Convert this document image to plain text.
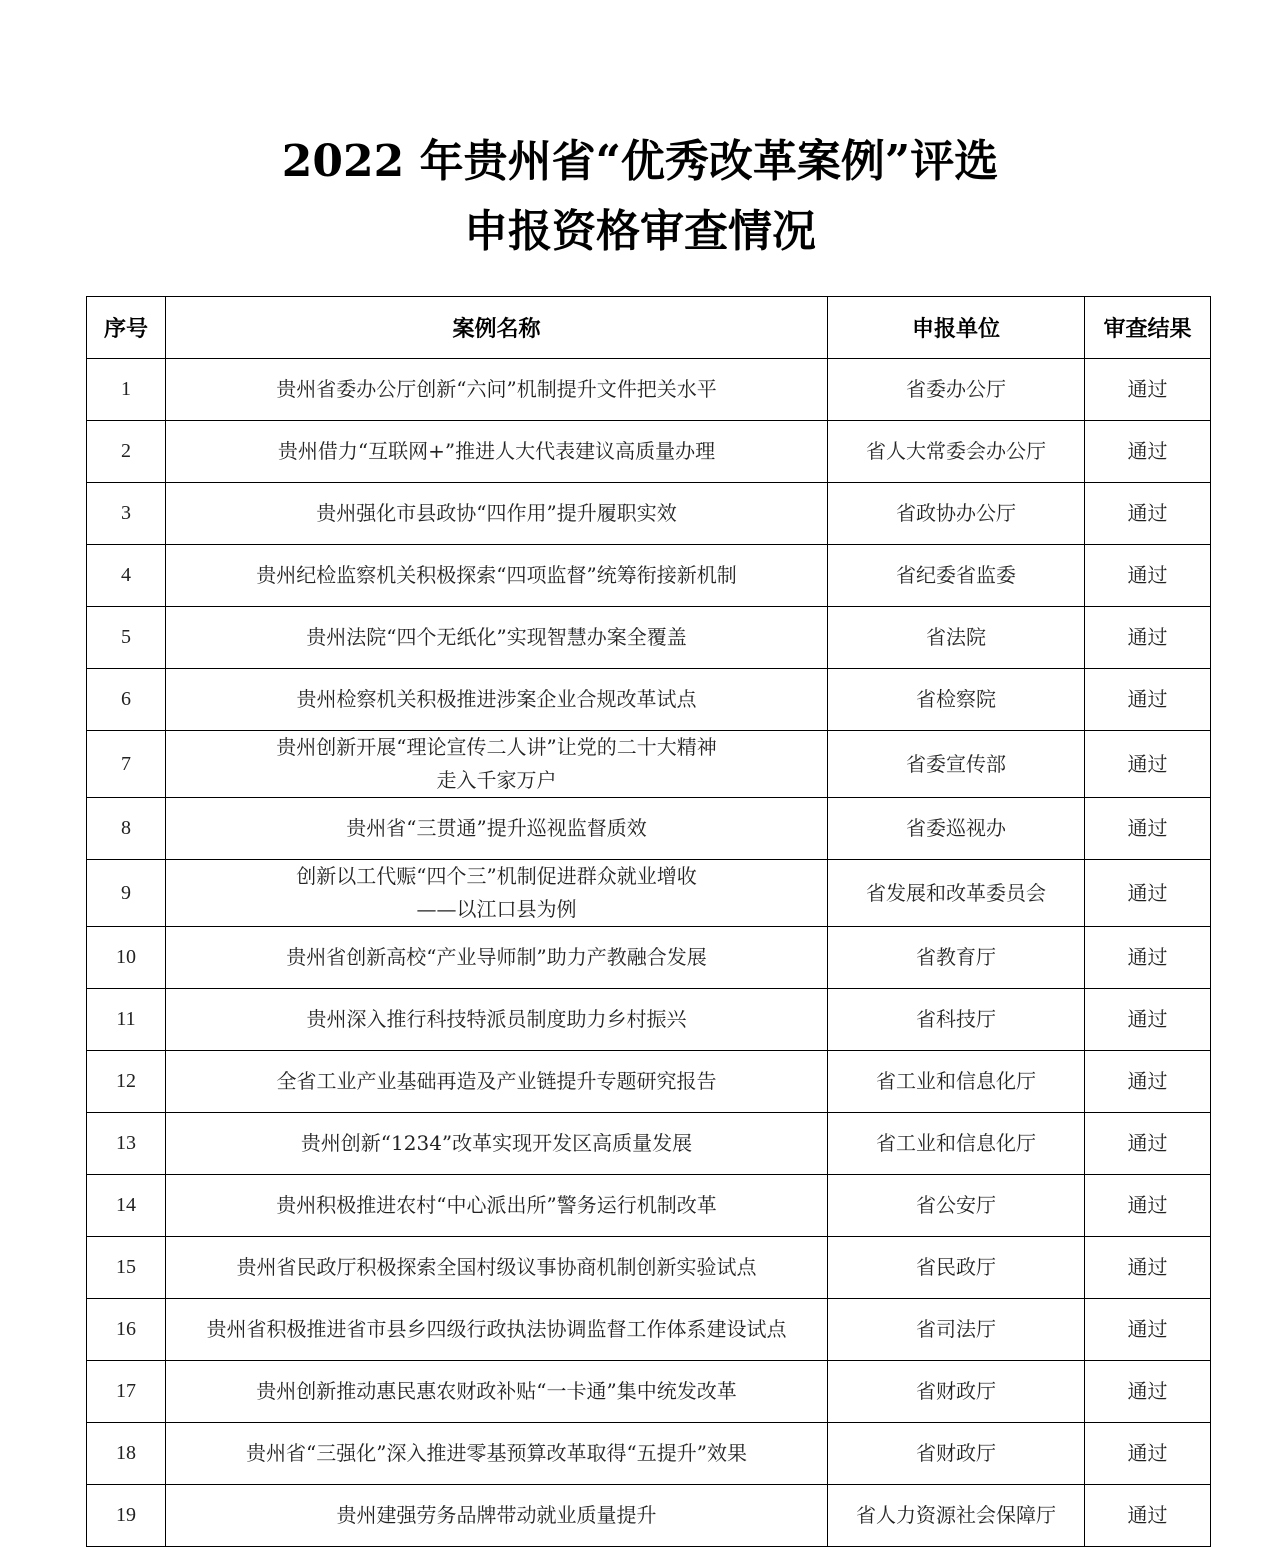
2022 年贵州省“优秀改革案例”评选
申报资格审查情况
序号	案例名称	申报单位	审查结果
1	贵州省委办公厅创新“六问”机制提升文件把关水平	省委办公厅	通过
2	贵州借力“互联网+”推进人大代表建议高质量办理	省人大常委会办公厅	通过
3	贵州强化市县政协“四作用”提升履职实效	省政协办公厅	通过
4	贵州纪检监察机关积极探索“四项监督”统筹衔接新机制	省纪委省监委	通过
5	贵州法院“四个无纸化”实现智慧办案全覆盖	省法院	通过
6	贵州检察机关积极推进涉案企业合规改革试点	省检察院	通过
7	贵州创新开展“理论宣传二人讲”让党的二十大精神
走入千家万户	省委宣传部	通过
8	贵州省“三贯通”提升巡视监督质效	省委巡视办	通过
9	创新以工代赈“四个三”机制促进群众就业增收
——以江口县为例	省发展和改革委员会	通过
10	贵州省创新高校“产业导师制”助力产教融合发展	省教育厅	通过
11	贵州深入推行科技特派员制度助力乡村振兴	省科技厅	通过
12	全省工业产业基础再造及产业链提升专题研究报告	省工业和信息化厅	通过
13	贵州创新“1234”改革实现开发区高质量发展	省工业和信息化厅	通过
14	贵州积极推进农村“中心派出所”警务运行机制改革	省公安厅	通过
15	贵州省民政厅积极探索全国村级议事协商机制创新实验试点	省民政厅	通过
16	贵州省积极推进省市县乡四级行政执法协调监督工作体系建设试点	省司法厅	通过
17	贵州创新推动惠民惠农财政补贴“一卡通”集中统发改革	省财政厅	通过
18	贵州省“三强化”深入推进零基预算改革取得“五提升”效果	省财政厅	通过
19	贵州建强劳务品牌带动就业质量提升	省人力资源社会保障厅	通过
